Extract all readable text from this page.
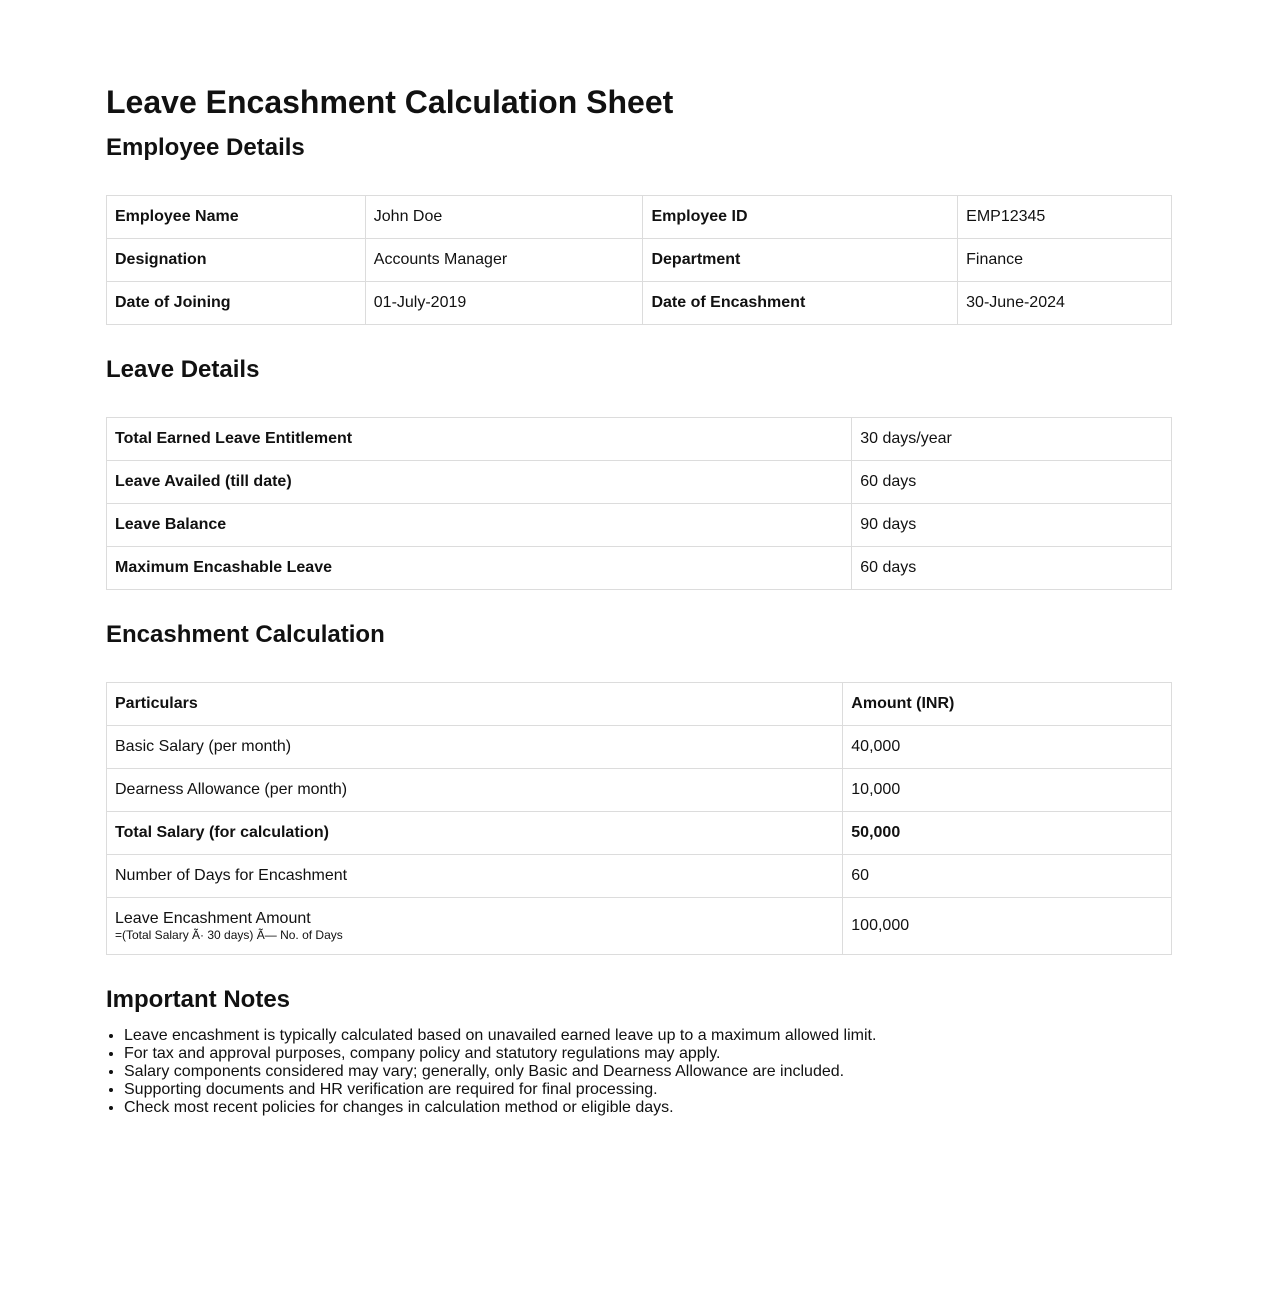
Leave Encashment Calculation Sheet
Employee Details
Employee Name	John Doe	Employee ID	EMP12345
Designation	Accounts Manager	Department	Finance
Date of Joining	01-July-2019	Date of Encashment	30-June-2024
Leave Details
Total Earned Leave Entitlement	30 days/year
Leave Availed (till date)	60 days
Leave Balance	90 days
Maximum Encashable Leave	60 days
Encashment Calculation
Particulars	Amount (INR)
Basic Salary (per month)	40,000
Dearness Allowance (per month)	10,000
Total Salary (for calculation)	50,000
Number of Days for Encashment	60
Leave Encashment Amount
=(Total Salary Ã· 30 days) Ã— No. of Days	100,000
Important Notes
• Leave encashment is typically calculated based on unavailed earned leave up to a maximum allowed limit.
• For tax and approval purposes, company policy and statutory regulations may apply.
• Salary components considered may vary; generally, only Basic and Dearness Allowance are included.
• Supporting documents and HR verification are required for final processing.
• Check most recent policies for changes in calculation method or eligible days.
